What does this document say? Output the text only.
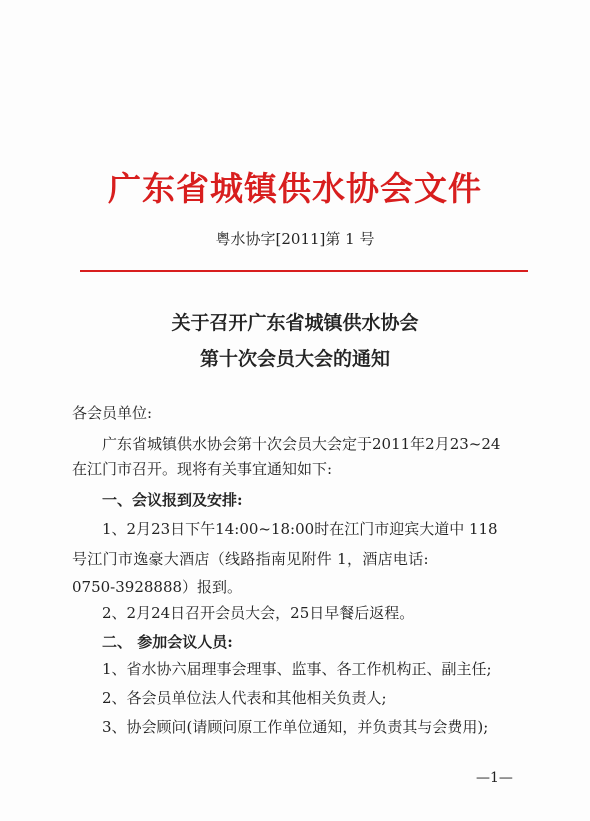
广东省城镇供水协会文件
粤水协字[2011]第 1 号
关于召开广东省城镇供水协会
第十次会员大会的通知
各会员单位:
广东省城镇供水协会第十次会员大会定于2011年2月23~24
在江门市召开。现将有关事宜通知如下:
一、会议报到及安排:
1、2月23日下午14:00~18:00时在江门市迎宾大道中 118
号江门市逸豪大酒店（线路指南见附件 1，酒店电话:
0750-3928888）报到。
2、2月24日召开会员大会，25日早餐后返程。
二、 参加会议人员:
1、省水协六届理事会理事、监事、各工作机构正、副主任;
2、各会员单位法人代表和其他相关负责人;
3、协会顾问(请顾问原工作单位通知，并负责其与会费用);
—1—
